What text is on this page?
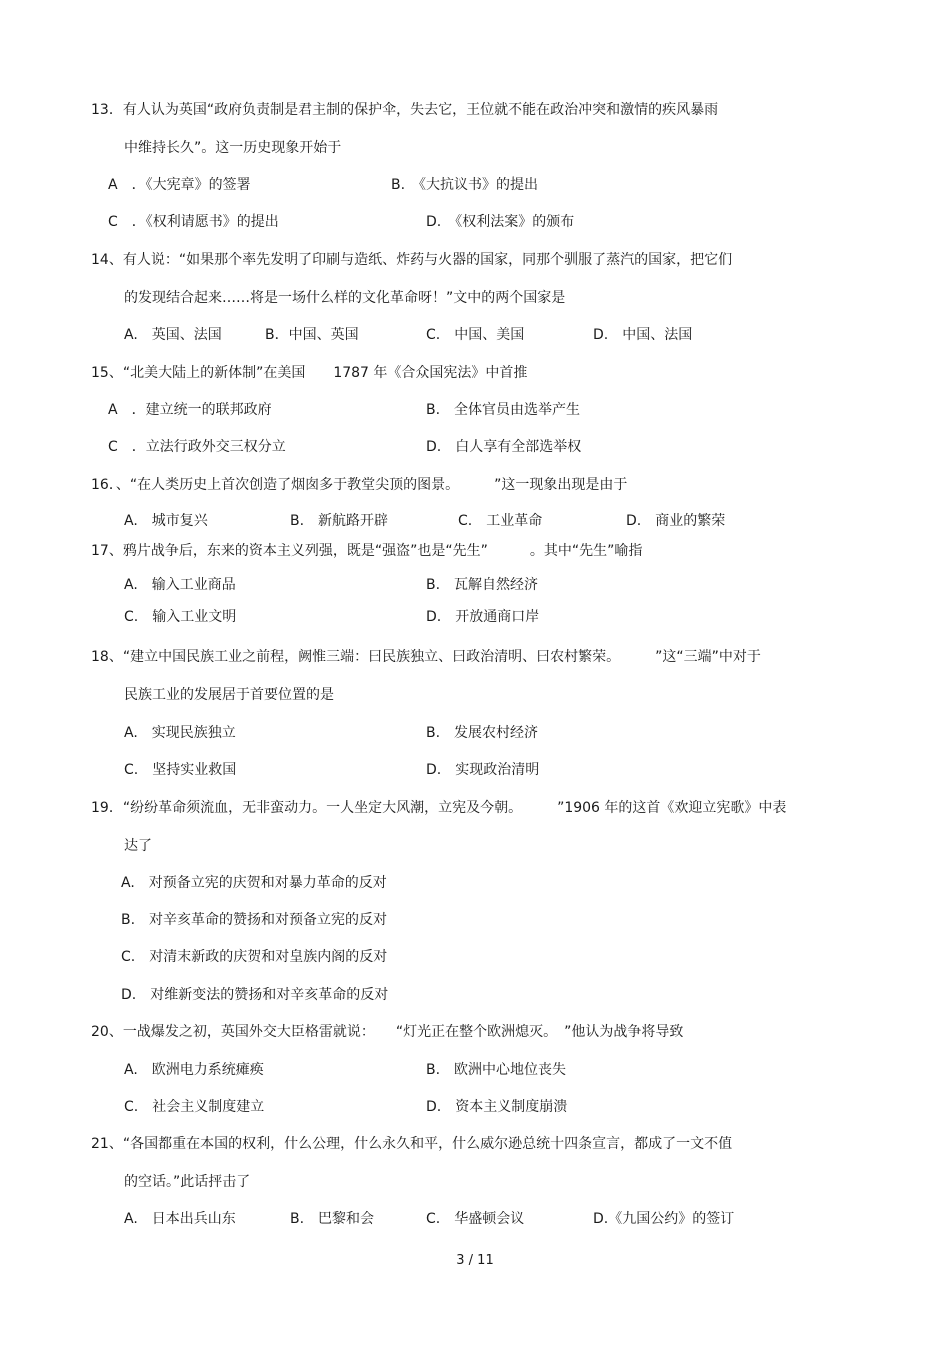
13．有人认为英国“政府负责制是君主制的保护伞，失去它，王位就不能在政治冲突和激情的疾风暴雨
中维持长久”。这一历史现象开始于
A　．《大宪章》的签署	B.　《大抗议书》的提出
C　．《权利请愿书》的提出	D.　《权利法案》的颁布
14、有人说：“如果那个率先发明了印刷与造纸、炸药与火器的国家，同那个驯服了蒸汽的国家，把它们
的发现结合起来……将是一场什么样的文化革命呀！”文中的两个国家是
A.　英国、法国	B．中国、英国	C.　中国、美国	D.　中国、法国
15、“北美大陆上的新体制”在美国　　1787 年《合众国宪法》中首推
A　．建立统一的联邦政府	B.　全体官员由选举产生
C　．立法行政外交三权分立	D.　白人享有全部选举权
16．、“在人类历史上首次创造了烟囱多于教堂尖顶的图景。　　　”这一现象出现是由于
A.　城市复兴	B.　新航路开辟	C.　工业革命	D.　商业的繁荣
17、鸦片战争后，东来的资本主义列强，既是“强盗”也是“先生”　　　。其中“先生”喻指
A.　输入工业商品	B.　瓦解自然经济
C.　输入工业文明	D.　开放通商口岸
18、“建立中国民族工业之前程，阙惟三端：曰民族独立、曰政治清明、曰农村繁荣。　　　”这“三端”中对于
民族工业的发展居于首要位置的是
A.　实现民族独立	B.　发展农村经济
C.　坚持实业救国	D.　实现政治清明
19．“纷纷革命须流血，无非蛮动力。一人坐定大风潮，立宪及今朝。　　　”1906 年的这首《欢迎立宪歌》中表
达了
A.　对预备立宪的庆贺和对暴力革命的反对
B.　对辛亥革命的赞扬和对预备立宪的反对
C.　对清末新政的庆贺和对皇族内阁的反对
D.　对维新变法的赞扬和对辛亥革命的反对
20、一战爆发之初，英国外交大臣格雷就说：　　“灯光正在整个欧洲熄灭。　”他认为战争将导致
A.　欧洲电力系统瘫痪	B.　欧洲中心地位丧失
C.　社会主义制度建立	D.　资本主义制度崩溃
21、“各国都重在本国的权利，什么公理，什么永久和平，什么威尔逊总统十四条宣言，都成了一文不值
的空话。”此话抨击了
A.　日本出兵山东	B.　巴黎和会	C.　华盛顿会议	D.《九国公约》的签订
3 / 11
